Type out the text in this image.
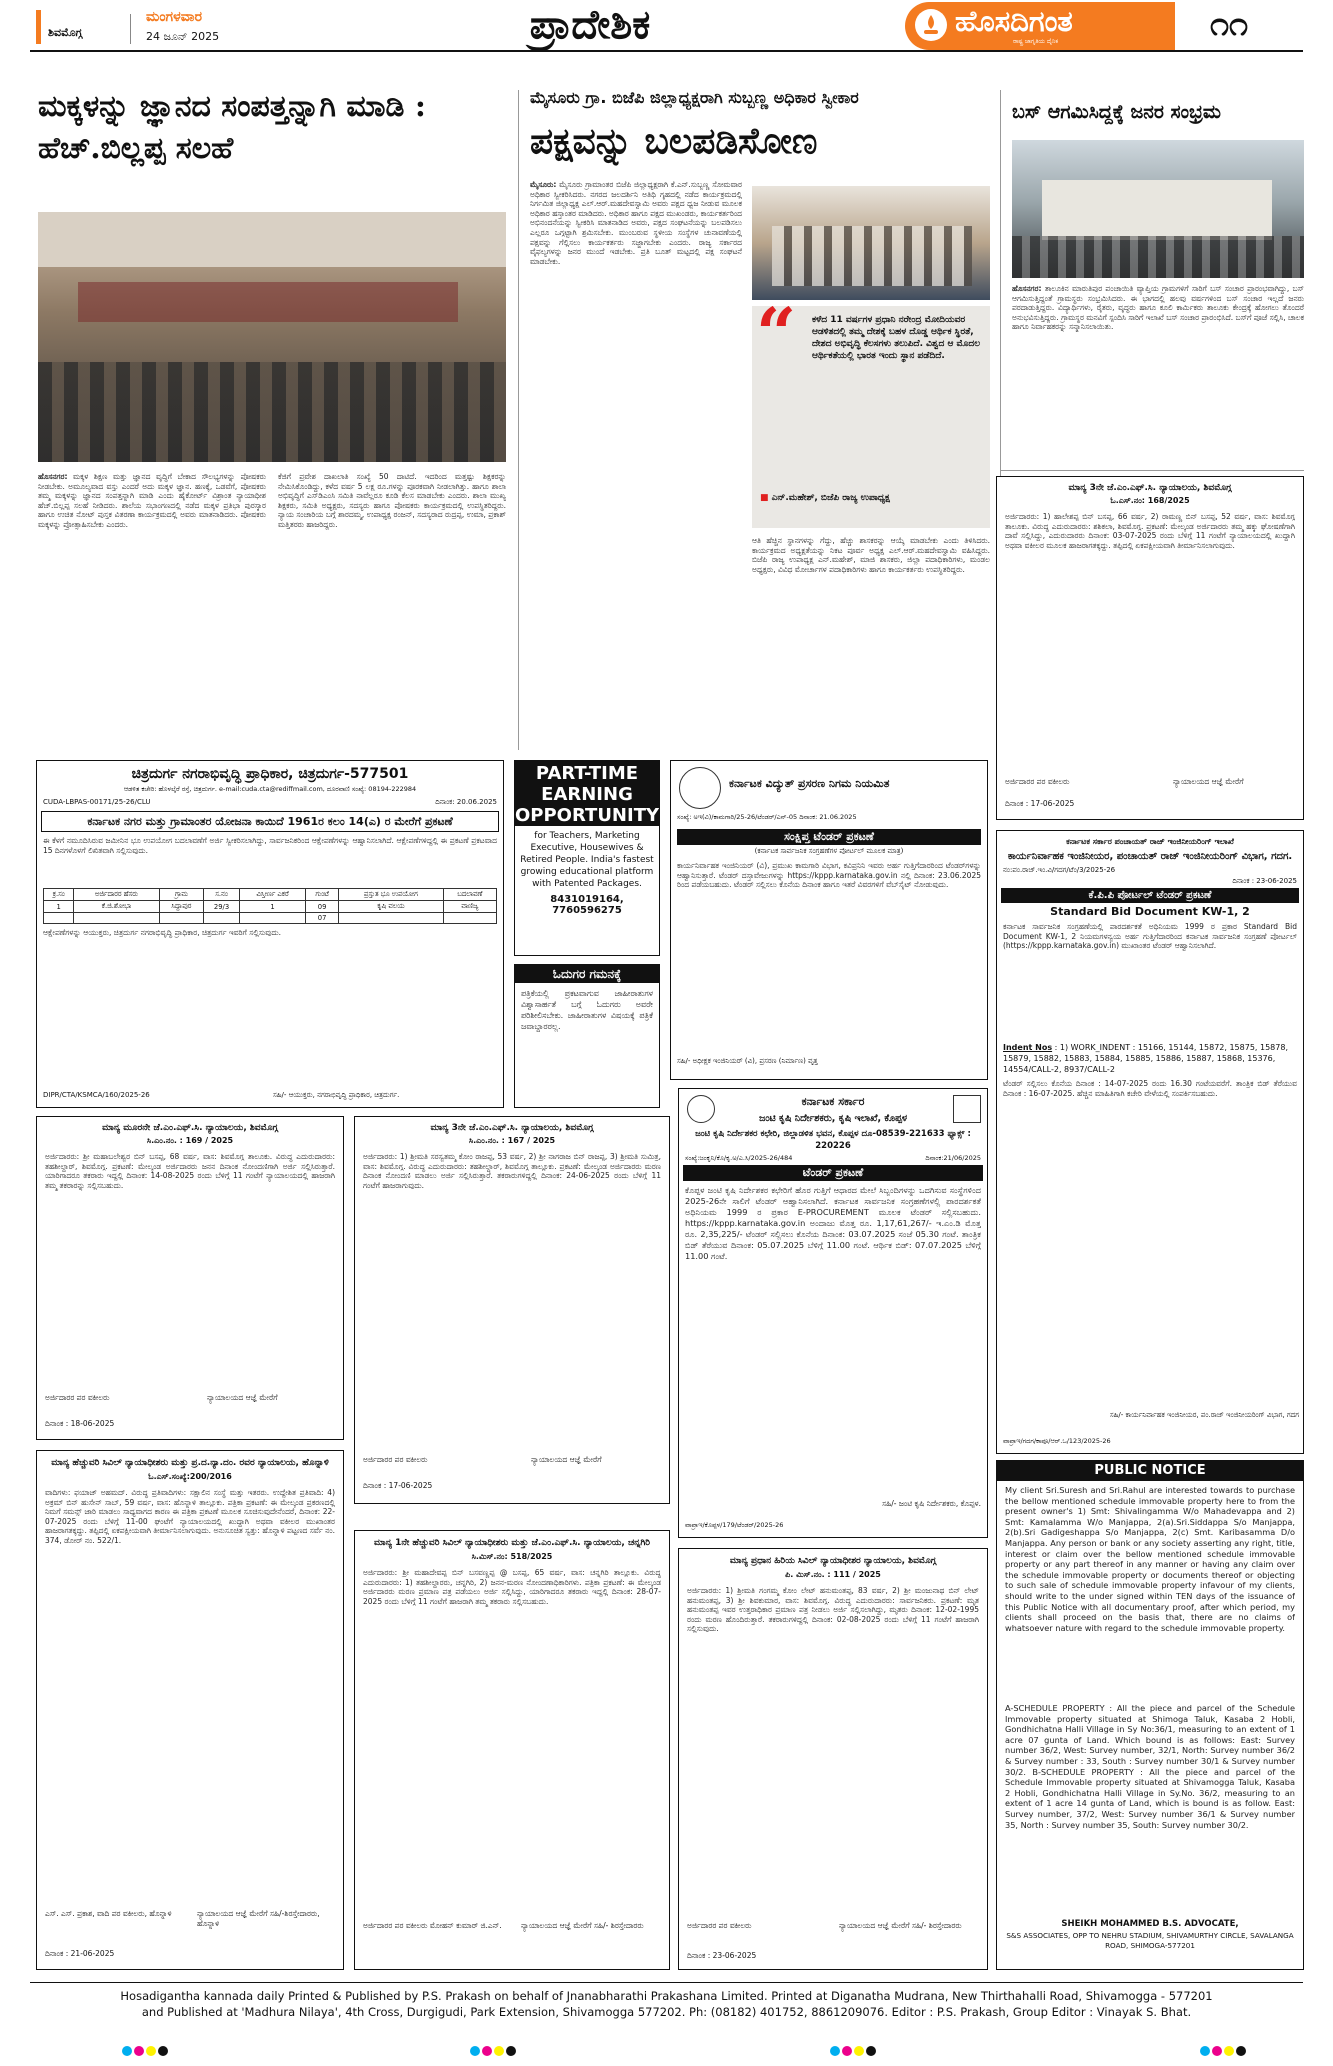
ಶಿವಮೊಗ್ಗ
ಮಂಗಳವಾರ
24 ಜೂನ್ 2025	ಪ್ರಾದೇಶಿಕ	ಹೊಸದಿಗಂತ
ರಾಷ್ಟ್ರ ಜಾಗೃತಿಯ ದೈನಿಕ	೧೧
ಮಕ್ಕಳನ್ನು ಜ್ಞಾನದ ಸಂಪತ್ತನ್ನಾಗಿ ಮಾಡಿ : ಹೆಚ್.ಬಿಲ್ಲಪ್ಪ ಸಲಹೆ
ಹೊಸನಗರ: ಮಕ್ಕಳ ಶಿಕ್ಷಣ ಮತ್ತು ಜ್ಞಾನದ ವೃದ್ಧಿಗೆ ಬೇಕಾದ ಸೌಲಭ್ಯಗಳನ್ನು ಪೋಷಕರು ನೀಡಬೇಕು. ಅಮೂಲ್ಯವಾದ ವಸ್ತು ಎಂದರೆ ಅದು ಮಕ್ಕಳ ಜ್ಞಾನ. ಹಣಕ್ಕೆ, ಒಡವೆಗೆ, ಪೋಷಕರು ತಮ್ಮ ಮಕ್ಕಳನ್ನು ಜ್ಞಾನದ ಸಂಪತ್ತನ್ನಾಗಿ ಮಾಡಿ ಎಂದು ಹೈಕೋರ್ಟ್ ವಿಶ್ರಾಂತ ನ್ಯಾಯಾಧೀಶ ಹೆಚ್.ಬಿಲ್ಲಪ್ಪ ಸಲಹೆ ನೀಡಿದರು. ಶಾಲೆಯ ಸಭಾಂಗಣದಲ್ಲಿ ನಡೆದ ಮಕ್ಕಳ ಪ್ರತಿಭಾ ಪುರಸ್ಕಾರ ಹಾಗೂ ಉಚಿತ ನೋಟ್ ಪುಸ್ತಕ ವಿತರಣಾ ಕಾರ್ಯಕ್ರಮದಲ್ಲಿ ಅವರು ಮಾತನಾಡಿದರು. ಪೋಷಕರು ಮಕ್ಕಳನ್ನು ಪ್ರೋತ್ಸಾಹಿಸಬೇಕು ಎಂದರು.
ಕೆಜಿಗೆ ಪ್ರವೇಶ ದಾಖಲಾತಿ ಸಂಖ್ಯೆ 50 ದಾಟಿದೆ. ಇದರಿಂದ ಮತ್ತಷ್ಟು ಶಿಕ್ಷಕರನ್ನು ನೇಮಿಸಿಕೊಂಡಿದ್ದು, ಕಳೆದ ವರ್ಷ 5 ಲಕ್ಷ ರೂ.ಗಳನ್ನು ಪೂರಕವಾಗಿ ನೀಡಲಾಗಿತ್ತು. ಹಾಗೂ ಶಾಲಾ ಅಭಿವೃದ್ಧಿಗೆ ಎಸ್‌ಡಿಎಂಸಿ ಸಮಿತಿ ನಾವೆಲ್ಲರೂ ಕೂಡಿ ಕೆಲಸ ಮಾಡಬೇಕು ಎಂದರು. ಶಾಲಾ ಮುಖ್ಯ ಶಿಕ್ಷಕರು, ಸಮಿತಿ ಅಧ್ಯಕ್ಷರು, ಸದಸ್ಯರು ಹಾಗೂ ಪೋಷಕರು ಕಾರ್ಯಕ್ರಮದಲ್ಲಿ ಉಪಸ್ಥಿತರಿದ್ದರು. ನ್ಯಾಯ ಸಂಚಾರಿಯ ಬಗ್ಗೆ ಶಾರದಮ್ಮ, ಉಪಾಧ್ಯಕ್ಷ ರಂಜನ್, ಸದಸ್ಯರಾದ ರುದ್ರಪ್ಪ, ಉಮಾ, ಪ್ರಕಾಶ್ ಮತ್ತಿತರರು ಹಾಜರಿದ್ದರು.
ಮೈಸೂರು ಗ್ರಾ. ಬಿಜೆಪಿ ಜಿಲ್ಲಾಧ್ಯಕ್ಷರಾಗಿ ಸುಬ್ಬಣ್ಣ ಅಧಿಕಾರ ಸ್ವೀಕಾರ
ಪಕ್ಷವನ್ನು ಬಲಪಡಿಸೋಣ
ಮೈಸೂರು: ಮೈಸೂರು ಗ್ರಾಮಾಂತರ ಬಿಜೆಪಿ ಜಿಲ್ಲಾಧ್ಯಕ್ಷರಾಗಿ ಕೆ.ಎನ್.ಸುಬ್ಬಣ್ಣ ಸೋಮವಾರ ಅಧಿಕಾರ ಸ್ವೀಕರಿಸಿದರು. ನಗರದ ಜಲದರ್ಶಿನಿ ಅತಿಥಿ ಗೃಹದಲ್ಲಿ ನಡೆದ ಕಾರ್ಯಕ್ರಮದಲ್ಲಿ ನಿರ್ಗಮಿತ ಜಿಲ್ಲಾಧ್ಯಕ್ಷ ಎಲ್.ಆರ್.ಮಹದೇವಸ್ವಾಮಿ ಅವರು ಪಕ್ಷದ ಧ್ವಜ ನೀಡುವ ಮೂಲಕ ಅಧಿಕಾರ ಹಸ್ತಾಂತರ ಮಾಡಿದರು. ಅಧಿಕಾರ ಹಾಗೂ ಪಕ್ಷದ ಮುಖಂಡರು, ಕಾರ್ಯಕರ್ತರಿಂದ ಅಭಿನಂದನೆಯನ್ನು ಸ್ವೀಕರಿಸಿ ಮಾತನಾಡಿದ ಅವರು, ಪಕ್ಷದ ಸಂಘಟನೆಯನ್ನು ಬಲಪಡಿಸಲು ಎಲ್ಲರೂ ಒಗ್ಗಟ್ಟಾಗಿ ಶ್ರಮಿಸಬೇಕು. ಮುಂಬರುವ ಸ್ಥಳೀಯ ಸಂಸ್ಥೆಗಳ ಚುನಾವಣೆಯಲ್ಲಿ ಪಕ್ಷವನ್ನು ಗೆಲ್ಲಿಸಲು ಕಾರ್ಯಕರ್ತರು ಸಜ್ಜಾಗಬೇಕು ಎಂದರು. ರಾಜ್ಯ ಸರ್ಕಾರದ ವೈಫಲ್ಯಗಳನ್ನು ಜನರ ಮುಂದೆ ಇಡಬೇಕು. ಪ್ರತಿ ಬೂತ್ ಮಟ್ಟದಲ್ಲಿ ಪಕ್ಷ ಸಂಘಟನೆ ಮಾಡಬೇಕು.
“ ಕಳೆದ 11 ವರ್ಷಗಳ ಪ್ರಧಾನಿ ನರೇಂದ್ರ ಮೋದಿಯವರ ಆಡಳಿತದಲ್ಲಿ ತಮ್ಮ ದೇಶಕ್ಕೆ ಬಹಳ ದೊಡ್ಡ ಆರ್ಥಿಕ ಸ್ಥಿರತೆ, ದೇಶದ ಅಭಿವೃದ್ಧಿ ಕೆಲಸಗಳು ತಲುಪಿದೆ. ವಿಶ್ವದ ಆ ಮೊದಲ ಆರ್ಥಿಕತೆಯಲ್ಲಿ ಭಾರತ ಇಂದು ಸ್ಥಾನ ಪಡೆದಿದೆ.
■ ಎನ್.ಮಹೇಶ್, ಬಿಜೆಪಿ ರಾಜ್ಯ ಉಪಾಧ್ಯಕ್ಷ
ಆತಿ ಹೆಚ್ಚಿನ ಸ್ಥಾನಗಳನ್ನು ಗೆದ್ದು, ಹೆಚ್ಚು ಶಾಸಕರನ್ನು ಆಯ್ಕೆ ಮಾಡಬೇಕು ಎಂದು ತಿಳಿಸಿದರು. ಕಾರ್ಯಕ್ರಮದ ಅಧ್ಯಕ್ಷತೆಯನ್ನು ನಿಕಟ ಪೂರ್ವ ಅಧ್ಯಕ್ಷ ಎಲ್.ಆರ್.ಮಹದೇವಸ್ವಾಮಿ ವಹಿಸಿದ್ದರು. ಬಿಜೆಪಿ ರಾಜ್ಯ ಉಪಾಧ್ಯಕ್ಷ ಎನ್.ಮಹೇಶ್, ಮಾಜಿ ಶಾಸಕರು, ಜಿಲ್ಲಾ ಪದಾಧಿಕಾರಿಗಳು, ಮಂಡಲ ಅಧ್ಯಕ್ಷರು, ವಿವಿಧ ಮೋರ್ಚಾಗಳ ಪದಾಧಿಕಾರಿಗಳು ಹಾಗೂ ಕಾರ್ಯಕರ್ತರು ಉಪಸ್ಥಿತರಿದ್ದರು.
ಬಸ್ ಆಗಮಿಸಿದ್ದಕ್ಕೆ ಜನರ ಸಂಭ್ರಮ
ಹೊಸನಗರ: ತಾಲೂಕಿನ ಮಾರುತಿಪುರ ಪಂಚಾಯಿತಿ ವ್ಯಾಪ್ತಿಯ ಗ್ರಾಮಗಳಿಗೆ ಸಾರಿಗೆ ಬಸ್ ಸಂಚಾರ ಪ್ರಾರಂಭವಾಗಿದ್ದು, ಬಸ್ ಆಗಮಿಸುತ್ತಿದ್ದಂತೆ ಗ್ರಾಮಸ್ಥರು ಸಂಭ್ರಮಿಸಿದರು. ಈ ಭಾಗದಲ್ಲಿ ಹಲವು ವರ್ಷಗಳಿಂದ ಬಸ್ ಸಂಚಾರ ಇಲ್ಲದೆ ಜನರು ಪರದಾಡುತ್ತಿದ್ದರು. ವಿದ್ಯಾರ್ಥಿಗಳು, ರೈತರು, ವೃದ್ಧರು ಹಾಗೂ ಕೂಲಿ ಕಾರ್ಮಿಕರು ತಾಲೂಕು ಕೇಂದ್ರಕ್ಕೆ ಹೋಗಲು ತೊಂದರೆ ಅನುಭವಿಸುತ್ತಿದ್ದರು. ಗ್ರಾಮಸ್ಥರ ಮನವಿಗೆ ಸ್ಪಂದಿಸಿ ಸಾರಿಗೆ ಇಲಾಖೆ ಬಸ್ ಸಂಚಾರ ಪ್ರಾರಂಭಿಸಿದೆ. ಬಸ್‌ಗೆ ಪೂಜೆ ಸಲ್ಲಿಸಿ, ಚಾಲಕ ಹಾಗೂ ನಿರ್ವಾಹಕರನ್ನು ಸನ್ಮಾನಿಸಲಾಯಿತು.
ಮಾನ್ಯ 3ನೇ ಜೆ.ಎಂ.ಎಫ್.ಸಿ. ನ್ಯಾಯಾಲಯ, ಶಿವಮೊಗ್ಗ
ಓ.ಎಸ್.ನಂ: 168/2025
ಅರ್ಜಿದಾರರು: 1) ಹಾಲೇಶಪ್ಪ ಬಿನ್ ಬಸಪ್ಪ, 66 ವರ್ಷ, 2) ರಾಮಣ್ಣ ಬಿನ್ ಬಸಪ್ಪ, 52 ವರ್ಷ, ವಾಸ: ಶಿವಮೊಗ್ಗ ತಾಲೂಕು. ವಿರುದ್ಧ ಎದುರುದಾರರು: ಶಶಿಕಲಾ, ಶಿವಮೊಗ್ಗ. ಪ್ರಕಟಣೆ: ಮೇಲ್ಕಂಡ ಅರ್ಜಿದಾರರು ತಮ್ಮ ಹಕ್ಕು ಘೋಷಣೆಗಾಗಿ ದಾವೆ ಸಲ್ಲಿಸಿದ್ದು, ಎದುರುದಾರರು ದಿನಾಂಕ: 03-07-2025 ರಂದು ಬೆಳಿಗ್ಗೆ 11 ಗಂಟೆಗೆ ನ್ಯಾಯಾಲಯದಲ್ಲಿ ಖುದ್ದಾಗಿ ಅಥವಾ ವಕೀಲರ ಮೂಲಕ ಹಾಜರಾಗತಕ್ಕದ್ದು. ತಪ್ಪಿದಲ್ಲಿ ಏಕಪಕ್ಷೀಯವಾಗಿ ತೀರ್ಮಾನಿಸಲಾಗುವುದು.
ಅರ್ಜಿದಾರರ ಪರ ವಕೀಲರು	ನ್ಯಾಯಾಲಯದ ಆಜ್ಞೆ ಮೇರೆಗೆ
ದಿನಾಂಕ : 17-06-2025
ಚಿತ್ರದುರ್ಗ ನಗರಾಭಿವೃದ್ಧಿ ಪ್ರಾಧಿಕಾರ, ಚಿತ್ರದುರ್ಗ-577501
ಆಡಳಿತ ಕಚೇರಿ: ಹೊಳಲ್ಕೆರೆ ರಸ್ತೆ, ಚಿತ್ರದುರ್ಗ. e-mail:cuda.cta@rediffmail.com, ದೂರವಾಣಿ ಸಂಖ್ಯೆ: 08194-222984
CUDA-LBPAS-00171/25-26/CLU	ದಿನಾಂಕ: 20.06.2025
ಕರ್ನಾಟಕ ನಗರ ಮತ್ತು ಗ್ರಾಮಾಂತರ ಯೋಜನಾ ಕಾಯಿದೆ 1961ರ ಕಲಂ 14(ಎ) ರ ಮೇರೆಗೆ ಪ್ರಕಟಣೆ
ಈ ಕೆಳಗೆ ನಮೂದಿಸಿರುವ ಜಮೀನಿನ ಭೂ ಉಪಯೋಗ ಬದಲಾವಣೆಗೆ ಅರ್ಜಿ ಸ್ವೀಕರಿಸಲಾಗಿದ್ದು, ಸಾರ್ವಜನಿಕರಿಂದ ಆಕ್ಷೇಪಣೆಗಳನ್ನು ಆಹ್ವಾನಿಸಲಾಗಿದೆ. ಆಕ್ಷೇಪಣೆಗಳಿದ್ದಲ್ಲಿ ಈ ಪ್ರಕಟಣೆ ಪ್ರಕಟವಾದ 15 ದಿನಗಳೊಳಗೆ ಲಿಖಿತವಾಗಿ ಸಲ್ಲಿಸುವುದು.
ಕ್ರ.ಸಂ	ಅರ್ಜಿದಾರರ ಹೆಸರು	ಗ್ರಾಮ	ಸ.ನಂ	ವಿಸ್ತೀರ್ಣ ಎಕರೆ	ಗುಂಟೆ	ಪ್ರಸ್ತುತ ಭೂ ಉಪಯೋಗ	ಬದಲಾವಣೆ
1	ಕೆ.ಜಿ.ಶೋಭಾ	ಸಿದ್ದಾಪುರ	29/3	1	09	ಕೃಷಿ ವಲಯ	ವಾಣಿಜ್ಯ
					07		
ಆಕ್ಷೇಪಣೆಗಳನ್ನು ಆಯುಕ್ತರು, ಚಿತ್ರದುರ್ಗ ನಗರಾಭಿವೃದ್ಧಿ ಪ್ರಾಧಿಕಾರ, ಚಿತ್ರದುರ್ಗ ಇವರಿಗೆ ಸಲ್ಲಿಸುವುದು.
DIPR/CTA/KSMCA/160/2025-26	ಸಹಿ/- ಆಯುಕ್ತರು, ನಗರಾಭಿವೃದ್ಧಿ ಪ್ರಾಧಿಕಾರ, ಚಿತ್ರದುರ್ಗ.
PART-TIME
EARNING
OPPORTUNITY
for Teachers, Marketing Executive, Housewives & Retired People. India's fastest growing educational platform with Patented Packages.
8431019164, 7760596275
ಓದುಗರ ಗಮನಕ್ಕೆ
ಪತ್ರಿಕೆಯಲ್ಲಿ ಪ್ರಕಟವಾಗುವ ಜಾಹೀರಾತುಗಳ ವಿಶ್ವಾಸಾರ್ಹತೆ ಬಗ್ಗೆ ಓದುಗರು ಅವರೇ ಪರಿಶೀಲಿಸಬೇಕು. ಜಾಹೀರಾತುಗಳ ವಿಷಯಕ್ಕೆ ಪತ್ರಿಕೆ ಜವಾಬ್ದಾರರಲ್ಲ.
ಕರ್ನಾಟಕ ವಿದ್ಯುತ್ ಪ್ರಸರಣ ನಿಗಮ ನಿಯಮಿತ
ಸಂಖ್ಯೆ: ಅಇ(ವಿ)/ಕಾಮಗಾರಿ/25-26/ಟೆಂಡರ್/ಎನ್-05 ದಿನಾಂಕ: 21.06.2025
ಸಂಕ್ಷಿಪ್ತ ಟೆಂಡರ್ ಪ್ರಕಟಣೆ
(ಕರ್ನಾಟಕ ಸಾರ್ವಜನಿಕ ಸಂಗ್ರಹಣೆಗಳ ಪೋರ್ಟಲ್ ಮೂಲಕ ಮಾತ್ರ)
ಕಾರ್ಯನಿರ್ವಾಹಕ ಇಂಜಿನಿಯರ್ (ವಿ), ಪ್ರಮುಖ ಕಾಮಗಾರಿ ವಿಭಾಗ, ಕವಿಪ್ರನಿನಿ ಇವರು ಅರ್ಹ ಗುತ್ತಿಗೆದಾರರಿಂದ ಟೆಂಡರ್‌ಗಳನ್ನು ಆಹ್ವಾನಿಸುತ್ತಾರೆ. ಟೆಂಡರ್ ದಸ್ತಾವೇಜುಗಳನ್ನು https://kppp.karnataka.gov.in ನಲ್ಲಿ ದಿನಾಂಕ: 23.06.2025 ರಿಂದ ಪಡೆಯಬಹುದು. ಟೆಂಡರ್ ಸಲ್ಲಿಸಲು ಕೊನೆಯ ದಿನಾಂಕ ಹಾಗೂ ಇತರೆ ವಿವರಗಳಿಗೆ ವೆಬ್‌ಸೈಟ್ ನೋಡುವುದು.
ಸಹಿ/- ಅಧೀಕ್ಷಕ ಇಂಜಿನಿಯರ್ (ವಿ), ಪ್ರಸರಣ (ನಿರ್ಮಾಣ) ವೃತ್ತ
ಕರ್ನಾಟಕ ಸರ್ಕಾರ ಪಂಚಾಯತ್ ರಾಜ್ ಇಂಜಿನೀಯರಿಂಗ್ ಇಲಾಖೆ
ಕಾರ್ಯನಿರ್ವಾಹಕ ಇಂಜಿನೀಯರ, ಪಂಚಾಯತ್ ರಾಜ್ ಇಂಜಿನೀಯರಿಂಗ್ ವಿಭಾಗ, ಗದಗ.
ನಂ:ಪಂ.ರಾಜ್.ಇಂ.ವಿ/ಗದಗ/ಟೆಂ/3/2025-26
ದಿನಾಂಕ : 23-06-2025
ಕೆ.ಪಿ.ಪಿ ಪೋರ್ಟಲ್ ಟೆಂಡರ್ ಪ್ರಕಟಣೆ
Standard Bid Document KW-1, 2
ಕರ್ನಾಟಕ ಸಾರ್ವಜನಿಕ ಸಂಗ್ರಹಣೆಯಲ್ಲಿ ಪಾರದರ್ಶಕತೆ ಅಧಿನಿಯಮ 1999 ರ ಪ್ರಕಾರ Standard Bid Document KW-1, 2 ನಿಯಮಗಳನ್ವಯ ಅರ್ಹ ಗುತ್ತಿಗೆದಾರರಿಂದ ಕರ್ನಾಟಕ ಸಾರ್ವಜನಿಕ ಸಂಗ್ರಹಣೆ ಪೋರ್ಟಲ್ (https://kppp.karnataka.gov.in) ಮುಖಾಂತರ ಟೆಂಡರ್ ಆಹ್ವಾನಿಸಲಾಗಿದೆ.
Indent Nos : 1) WORK_INDENT : 15166, 15144, 15872, 15875, 15878, 15879, 15882, 15883, 15884, 15885, 15886, 15887, 15868, 15376, 14554/CALL-2, 8937/CALL-2
ಟೆಂಡರ್ ಸಲ್ಲಿಸಲು ಕೊನೆಯ ದಿನಾಂಕ : 14-07-2025 ರಂದು 16.30 ಗಂಟೆಯವರೆಗೆ. ತಾಂತ್ರಿಕ ಬಿಡ್ ತೆರೆಯುವ ದಿನಾಂಕ : 16-07-2025. ಹೆಚ್ಚಿನ ಮಾಹಿತಿಗಾಗಿ ಕಚೇರಿ ವೇಳೆಯಲ್ಲಿ ಸಂಪರ್ಕಿಸಬಹುದು.
ಸಹಿ/- ಕಾರ್ಯನಿರ್ವಾಹಕ ಇಂಜಿನೀಯರ, ಪಂ.ರಾಜ್ ಇಂಜಿನೀಯರಿಂಗ್ ವಿಭಾಗ, ಗದಗ
ವಾಪ್ರಾಇ/ಗದಗ/ಕಾಪೂ/ಆರ್.ಒ/123/2025-26
ಮಾನ್ಯ ಮೂರನೇ ಜೆ.ಎಂ.ಎಫ್.ಸಿ. ನ್ಯಾಯಾಲಯ, ಶಿವಮೊಗ್ಗ
ಸಿ.ಎಂ.ನಂ. : 169 / 2025
ಅರ್ಜಿದಾರರು: ಶ್ರೀ ಮಹಾಬಲೇಶ್ವರ ಬಿನ್ ಬಸಪ್ಪ, 68 ವರ್ಷ, ವಾಸ: ಶಿವಮೊಗ್ಗ ತಾಲೂಕು. ವಿರುದ್ಧ ಎದುರುದಾರರು: ತಹಶೀಲ್ದಾರ್, ಶಿವಮೊಗ್ಗ. ಪ್ರಕಟಣೆ: ಮೇಲ್ಕಂಡ ಅರ್ಜಿದಾರರು ಜನನ ದಿನಾಂಕ ನೋಂದಣಿಗಾಗಿ ಅರ್ಜಿ ಸಲ್ಲಿಸಿರುತ್ತಾರೆ. ಯಾರಿಗಾದರೂ ತಕರಾರು ಇದ್ದಲ್ಲಿ ದಿನಾಂಕ: 14-08-2025 ರಂದು ಬೆಳಿಗ್ಗೆ 11 ಗಂಟೆಗೆ ನ್ಯಾಯಾಲಯದಲ್ಲಿ ಹಾಜರಾಗಿ ತಮ್ಮ ತಕರಾರನ್ನು ಸಲ್ಲಿಸಬಹುದು.
ಅರ್ಜಿದಾರರ ಪರ ವಕೀಲರು	ನ್ಯಾಯಾಲಯದ ಆಜ್ಞೆ ಮೇರೆಗೆ
ದಿನಾಂಕ : 18-06-2025
ಮಾನ್ಯ 3ನೇ ಜೆ.ಎಂ.ಎಫ್.ಸಿ. ನ್ಯಾಯಾಲಯ, ಶಿವಮೊಗ್ಗ
ಸಿ.ಎಂ.ನಂ. : 167 / 2025
ಅರ್ಜಿದಾರರು: 1) ಶ್ರೀಮತಿ ಸರಸ್ವತಮ್ಮ ಕೋಂ ರಾಜಪ್ಪ, 53 ವರ್ಷ, 2) ಶ್ರೀ ನಾಗರಾಜ ಬಿನ್ ರಾಜಪ್ಪ, 3) ಶ್ರೀಮತಿ ಸುಮಿತ್ರ, ವಾಸ: ಶಿವಮೊಗ್ಗ. ವಿರುದ್ಧ ಎದುರುದಾರರು: ತಹಶೀಲ್ದಾರ್, ಶಿವಮೊಗ್ಗ ತಾಲ್ಲೂಕು. ಪ್ರಕಟಣೆ: ಮೇಲ್ಕಂಡ ಅರ್ಜಿದಾರರು ಮರಣ ದಿನಾಂಕ ನೋಂದಣಿ ಮಾಡಲು ಅರ್ಜಿ ಸಲ್ಲಿಸಿರುತ್ತಾರೆ. ತಕರಾರುಗಳಿದ್ದಲ್ಲಿ ದಿನಾಂಕ: 24-06-2025 ರಂದು ಬೆಳಿಗ್ಗೆ 11 ಗಂಟೆಗೆ ಹಾಜರಾಗುವುದು.
ಅರ್ಜಿದಾರರ ಪರ ವಕೀಲರು	ನ್ಯಾಯಾಲಯದ ಆಜ್ಞೆ ಮೇರೆಗೆ
ದಿನಾಂಕ : 17-06-2025
ಕರ್ನಾಟಕ ಸರ್ಕಾರ
ಜಂಟಿ ಕೃಷಿ ನಿರ್ದೇಶಕರು, ಕೃಷಿ ಇಲಾಖೆ, ಕೊಪ್ಪಳ
ಜಂಟಿ ಕೃಷಿ ನಿರ್ದೇಶಕರ ಕಛೇರಿ, ಜಿಲ್ಲಾಡಳಿತ ಭವನ, ಕೊಪ್ಪಳ ದೂ-08539-221633 ಫ್ಯಾಕ್ಸ್ : 220226
ಸಂಖ್ಯೆ:ಜಂಕೃನಿ/ಕೊ/ಕೃ.ಅ/ಎ.ಸಿ/2025-26/484	ದಿನಾಂಕ:21/06/2025
ಟೆಂಡರ್ ಪ್ರಕಟಣೆ
ಕೊಪ್ಪಳ ಜಂಟಿ ಕೃಷಿ ನಿರ್ದೇಶಕರ ಕಛೇರಿಗೆ ಹೊರ ಗುತ್ತಿಗೆ ಆಧಾರದ ಮೇಲೆ ಸಿಬ್ಬಂದಿಗಳನ್ನು ಒದಗಿಸುವ ಸಂಸ್ಥೆಗಳಿಂದ 2025-26ನೇ ಸಾಲಿಗೆ ಟೆಂಡರ್ ಆಹ್ವಾನಿಸಲಾಗಿದೆ. ಕರ್ನಾಟಕ ಸಾರ್ವಜನಿಕ ಸಂಗ್ರಹಣೆಗಳಲ್ಲಿ ಪಾರದರ್ಶಕತೆ ಅಧಿನಿಯಮ 1999 ರ ಪ್ರಕಾರ E-PROCUREMENT ಮೂಲಕ ಟೆಂಡರ್ ಸಲ್ಲಿಸಬಹುದು. https://kppp.karnataka.gov.in ಅಂದಾಜು ಮೊತ್ತ ರೂ. 1,17,61,267/- ಇ.ಎಂ.ಡಿ ಮೊತ್ತ ರೂ. 2,35,225/- ಟೆಂಡರ್ ಸಲ್ಲಿಸಲು ಕೊನೆಯ ದಿನಾಂಕ: 03.07.2025 ಸಂಜೆ 05.30 ಗಂಟೆ. ತಾಂತ್ರಿಕ ಬಿಡ್ ತೆರೆಯುವ ದಿನಾಂಕ: 05.07.2025 ಬೆಳಿಗ್ಗೆ 11.00 ಗಂಟೆ. ಆರ್ಥಿಕ ಬಿಡ್: 07.07.2025 ಬೆಳಿಗ್ಗೆ 11.00 ಗಂಟೆ.
ಸಹಿ/- ಜಂಟಿ ಕೃಷಿ ನಿರ್ದೇಶಕರು, ಕೊಪ್ಪಳ.
ವಾಪ್ರಾಇ/ಕೊಪ್ಪಳ/179/ಟೆಂಡರ್/2025-26
ಮಾನ್ಯ ಹೆಚ್ಚುವರಿ ಸಿವಿಲ್ ನ್ಯಾಯಾಧೀಶರು ಮತ್ತು ಪ್ರ.ದ.ನ್ಯಾ.ದಂ. ರವರ ನ್ಯಾಯಾಲಯ, ಹೊನ್ನಾಳಿ
ಓ.ಎಸ್.ಸಂಖ್ಯೆ:200/2016
ವಾದಿಗಳು: ಫಯಾಜ್ ಅಹಮದ್. ವಿರುದ್ಧ ಪ್ರತಿವಾದಿಗಳು: ಸಕ್ಷಾಲಿನ ಸಂಸ್ಥೆ ಮತ್ತು ಇತರರು. ಉದ್ದೇಶಿತ ಪ್ರತಿವಾದಿ: 4) ಅಕ್ರಮ್ ಬಿನ್ ಹುಸೇನ್ ಸಾಬ್, 59 ವರ್ಷ, ವಾಸ: ಹೊನ್ನಾಳಿ ತಾಲ್ಲೂಕು. ಪತ್ರಿಕಾ ಪ್ರಕಟಣೆ: ಈ ಮೇಲ್ಕಂಡ ಪ್ರಕರಣದಲ್ಲಿ ನಿಮಗೆ ಸಮನ್ಸ್ ಜಾರಿ ಮಾಡಲು ಸಾಧ್ಯವಾಗದ ಕಾರಣ ಈ ಪತ್ರಿಕಾ ಪ್ರಕಟಣೆ ಮೂಲಕ ಸೂಚಿಸುವುದೇನೆಂದರೆ, ದಿನಾಂಕ: 22-07-2025 ರಂದು ಬೆಳಿಗ್ಗೆ 11-00 ಘಂಟೆಗೆ ನ್ಯಾಯಾಲಯದಲ್ಲಿ ಖುದ್ದಾಗಿ ಅಥವಾ ವಕೀಲರ ಮುಖಾಂತರ ಹಾಜರಾಗತಕ್ಕದ್ದು. ತಪ್ಪಿದಲ್ಲಿ ಏಕಪಕ್ಷೀಯವಾಗಿ ತೀರ್ಮಾನಿಸಲಾಗುವುದು. ಅನುಸೂಚಿತ ಸ್ವತ್ತು: ಹೊನ್ನಾಳಿ ಪಟ್ಟಣದ ಸರ್ವೆ ನಂ. 374, ಡೋರ್ ನಂ. 522/1.
ಎಸ್. ಎಸ್. ಪ್ರಕಾಶ, ವಾದಿ ಪರ ವಕೀಲರು, ಹೊನ್ನಾಳಿ	ನ್ಯಾಯಾಲಯದ ಆಜ್ಞೆ ಮೇರೆಗೆ ಸಹಿ/-ಶಿರಸ್ತೇದಾರರು, ಹೊನ್ನಾಳಿ
ದಿನಾಂಕ : 21-06-2025
ಮಾನ್ಯ 1ನೇ ಹೆಚ್ಚುವರಿ ಸಿವಿಲ್ ನ್ಯಾಯಾಧೀಶರು ಮತ್ತು ಜೆ.ಎಂ.ಎಫ್.ಸಿ. ನ್ಯಾಯಾಲಯ, ಚನ್ನಗಿರಿ
ಸಿ.ಮಿಸ್.ನಂ: 518/2025
ಅರ್ಜಿದಾರರು: ಶ್ರೀ ಮಹಾದೇವಪ್ಪ ಬಿನ್ ಬಸವಣ್ಣಪ್ಪ @ ಬಸಪ್ಪ, 65 ವರ್ಷ, ವಾಸ: ಚನ್ನಗಿರಿ ತಾಲ್ಲೂಕು. ವಿರುದ್ಧ ಎದುರುದಾರರು: 1) ತಹಶೀಲ್ದಾರರು, ಚನ್ನಗಿರಿ, 2) ಜನನ-ಮರಣ ನೋಂದಣಾಧಿಕಾರಿಗಳು. ಪತ್ರಿಕಾ ಪ್ರಕಟಣೆ: ಈ ಮೇಲ್ಕಂಡ ಅರ್ಜಿದಾರರು ಮರಣ ಪ್ರಮಾಣ ಪತ್ರ ಪಡೆಯಲು ಅರ್ಜಿ ಸಲ್ಲಿಸಿದ್ದು, ಯಾರಿಗಾದರೂ ತಕರಾರು ಇದ್ದಲ್ಲಿ ದಿನಾಂಕ: 28-07-2025 ರಂದು ಬೆಳಿಗ್ಗೆ 11 ಗಂಟೆಗೆ ಹಾಜರಾಗಿ ತಮ್ಮ ತಕರಾರು ಸಲ್ಲಿಸಬಹುದು.
ಅರ್ಜಿದಾರರ ಪರ ವಕೀಲರು ಮೋಹನ್ ಕುಮಾರ್ ಜಿ.ಎನ್.	ನ್ಯಾಯಾಲಯದ ಆಜ್ಞೆ ಮೇರೆಗೆ ಸಹಿ/- ಶಿರಸ್ತೇದಾರರು
ಮಾನ್ಯ ಪ್ರಧಾನ ಹಿರಿಯ ಸಿವಿಲ್ ನ್ಯಾಯಾಧೀಶರ ನ್ಯಾಯಾಲಯ, ಶಿವಮೊಗ್ಗ
ಪಿ. ಮಿಸ್.ನಂ. : 111 / 2025
ಅರ್ಜಿದಾರರು: 1) ಶ್ರೀಮತಿ ಗಂಗಮ್ಮ ಕೋಂ ಲೇಟ್ ಹನುಮಂತಪ್ಪ, 83 ವರ್ಷ, 2) ಶ್ರೀ ಮಂಜುನಾಥ ಬಿನ್ ಲೇಟ್ ಹನುಮಂತಪ್ಪ, 3) ಶ್ರೀ ಶಿವಕುಮಾರ, ವಾಸ: ಶಿವಮೊಗ್ಗ. ವಿರುದ್ಧ ಎದುರುದಾರರು: ಸಾರ್ವಜನಿಕರು. ಪ್ರಕಟಣೆ: ಮೃತ ಹನುಮಂತಪ್ಪ ಇವರ ಉತ್ತರಾಧಿಕಾರ ಪ್ರಮಾಣ ಪತ್ರ ನೀಡಲು ಅರ್ಜಿ ಸಲ್ಲಿಸಲಾಗಿದ್ದು, ಮೃತರು ದಿನಾಂಕ: 12-02-1995 ರಂದು ಮರಣ ಹೊಂದಿರುತ್ತಾರೆ. ತಕರಾರುಗಳಿದ್ದಲ್ಲಿ ದಿನಾಂಕ: 02-08-2025 ರಂದು ಬೆಳಿಗ್ಗೆ 11 ಗಂಟೆಗೆ ಹಾಜರಾಗಿ ಸಲ್ಲಿಸುವುದು.
ಅರ್ಜಿದಾರರ ಪರ ವಕೀಲರು	ನ್ಯಾಯಾಲಯದ ಆಜ್ಞೆ ಮೇರೆಗೆ ಸಹಿ/- ಶಿರಸ್ತೇದಾರರು
ದಿನಾಂಕ : 23-06-2025
PUBLIC NOTICE
My client Sri.Suresh and Sri.Rahul are interested towards to purchase the bellow mentioned schedule immovable property here to from the present owner's 1) Smt: Shivalingamma W/o Mahadevappa and 2) Smt: Kamalamma W/o Manjappa, 2(a).Sri.Siddappa S/o Manjappa, 2(b).Sri Gadigeshappa S/o Manjappa, 2(c) Smt. Karibasamma D/o Manjappa. Any person or bank or any society asserting any right, title, interest or claim over the bellow mentioned schedule immovable property or any part thereof in any manner or having any claim over the schedule immovable property or documents thereof or objecting to such sale of schedule immovable property infavour of my clients, should write to the under signed within TEN days of the issuance of this Public Notice with all documentary proof, after which period, my clients shall proceed on the basis that, there are no claims of whatsoever nature with regard to the schedule immovable property.
A-SCHEDULE PROPERTY : All the piece and parcel of the Schedule Immovable property situated at Shimoga Taluk, Kasaba 2 Hobli, Gondhichatna Halli Village in Sy No:36/1, measuring to an extent of 1 acre 07 gunta of Land. Which bound is as follows: East: Survey number 36/2, West: Survey number, 32/1, North: Survey number 36/2 & Survey number : 33, South : Survey number 30/1 & Survey number 30/2. B-SCHEDULE PROPERTY : All the piece and parcel of the Schedule Immovable property situated at Shivamogga Taluk, Kasaba 2 Hobli, Gondhichatna Halli Village in Sy.No. 36/2, measuring to an extent of 1 acre 14 gunta of Land, which is bound is as follow. East: Survey number, 37/2, West: Survey number 36/1 & Survey number 35, North : Survey number 35, South: Survey number 30/2.
SHEIKH MOHAMMED B.S. ADVOCATE,
S&S ASSOCIATES, OPP TO NEHRU STADIUM, SHIVAMURTHY CIRCLE, SAVALANGA ROAD, SHIMOGA-577201
Hosadigantha kannada daily Printed & Published by P.S. Prakash on behalf of Jnanabharathi Prakashana Limited. Printed at Diganatha Mudrana, New Thirthahalli Road, Shivamogga - 577201
and Published at 'Madhura Nilaya', 4th Cross, Durgigudi, Park Extension, Shivamogga 577202. Ph: (08182) 401752, 8861209076. Editor : P.S. Prakash, Group Editor : Vinayak S. Bhat.
